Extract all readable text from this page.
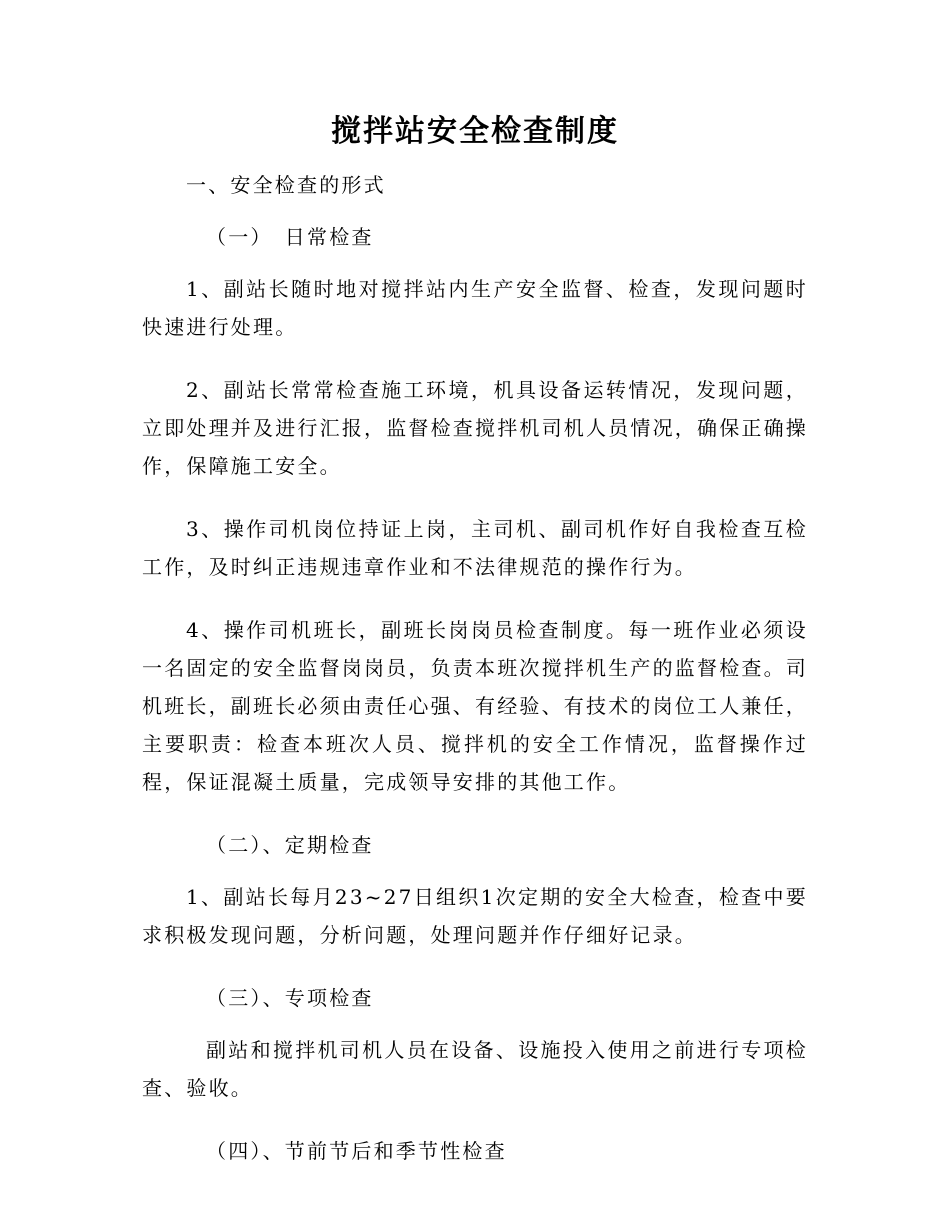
搅拌站安全检查制度

一、安全检查的形式

（一）　日常检查

1、副站长随时地对搅拌站内生产安全监督、检查，发现问题时快速进行处理。

2、副站长常常检查施工环境，机具设备运转情况，发现问题，立即处理并及进行汇报，监督检查搅拌机司机人员情况，确保正确操作，保障施工安全。

3、操作司机岗位持证上岗，主司机、副司机作好自我检查互检工作，及时纠正违规违章作业和不法律规范的操作行为。

4、操作司机班长，副班长岗岗员检查制度。每一班作业必须设一名固定的安全监督岗岗员，负责本班次搅拌机生产的监督检查。司机班长，副班长必须由责任心强、有经验、有技术的岗位工人兼任，主要职责：检查本班次人员、搅拌机的安全工作情况，监督操作过程，保证混凝土质量，完成领导安排的其他工作。

（二）、定期检查

1、副站长每月23~27日组织1次定期的安全大检查，检查中要求积极发现问题，分析问题，处理问题并作仔细好记录。

（三）、专项检查

副站和搅拌机司机人员在设备、设施投入使用之前进行专项检查、验收。

（四）、节前节后和季节性检查
